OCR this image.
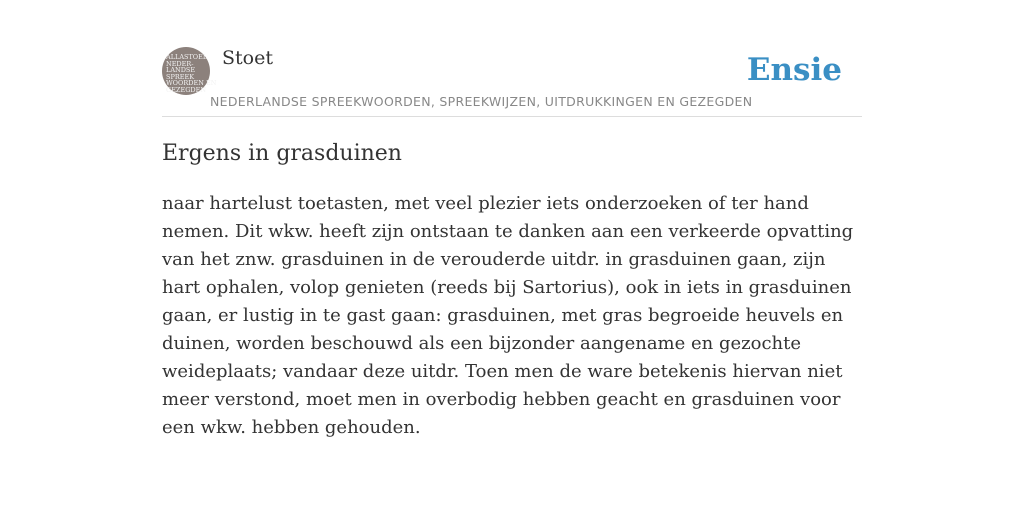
ALLASTOEL
NEDER-
LANDSE
SPREEK
WOORDEN EN
GEZEGDEN
Stoet	Ensie
NEDERLANDSE SPREEKWOORDEN, SPREEKWIJZEN, UITDRUKKINGEN EN GEZEGDEN
Ergens in grasduinen

naar hartelust toetasten, met veel plezier iets onderzoeken of ter hand nemen. Dit wkw. heeft zijn ontstaan te danken aan een verkeerde opvatting van het znw. grasduinen in de verouderde uitdr. in grasduinen gaan, zijn hart ophalen, volop genieten (reeds bij Sartorius), ook in iets in grasduinen gaan, er lustig in te gast gaan: grasduinen, met gras begroeide heuvels en duinen, worden beschouwd als een bijzonder aangename en gezochte weideplaats; vandaar deze uitdr. Toen men de ware betekenis hiervan niet meer verstond, moet men in overbodig hebben geacht en grasduinen voor een wkw. hebben gehouden.
